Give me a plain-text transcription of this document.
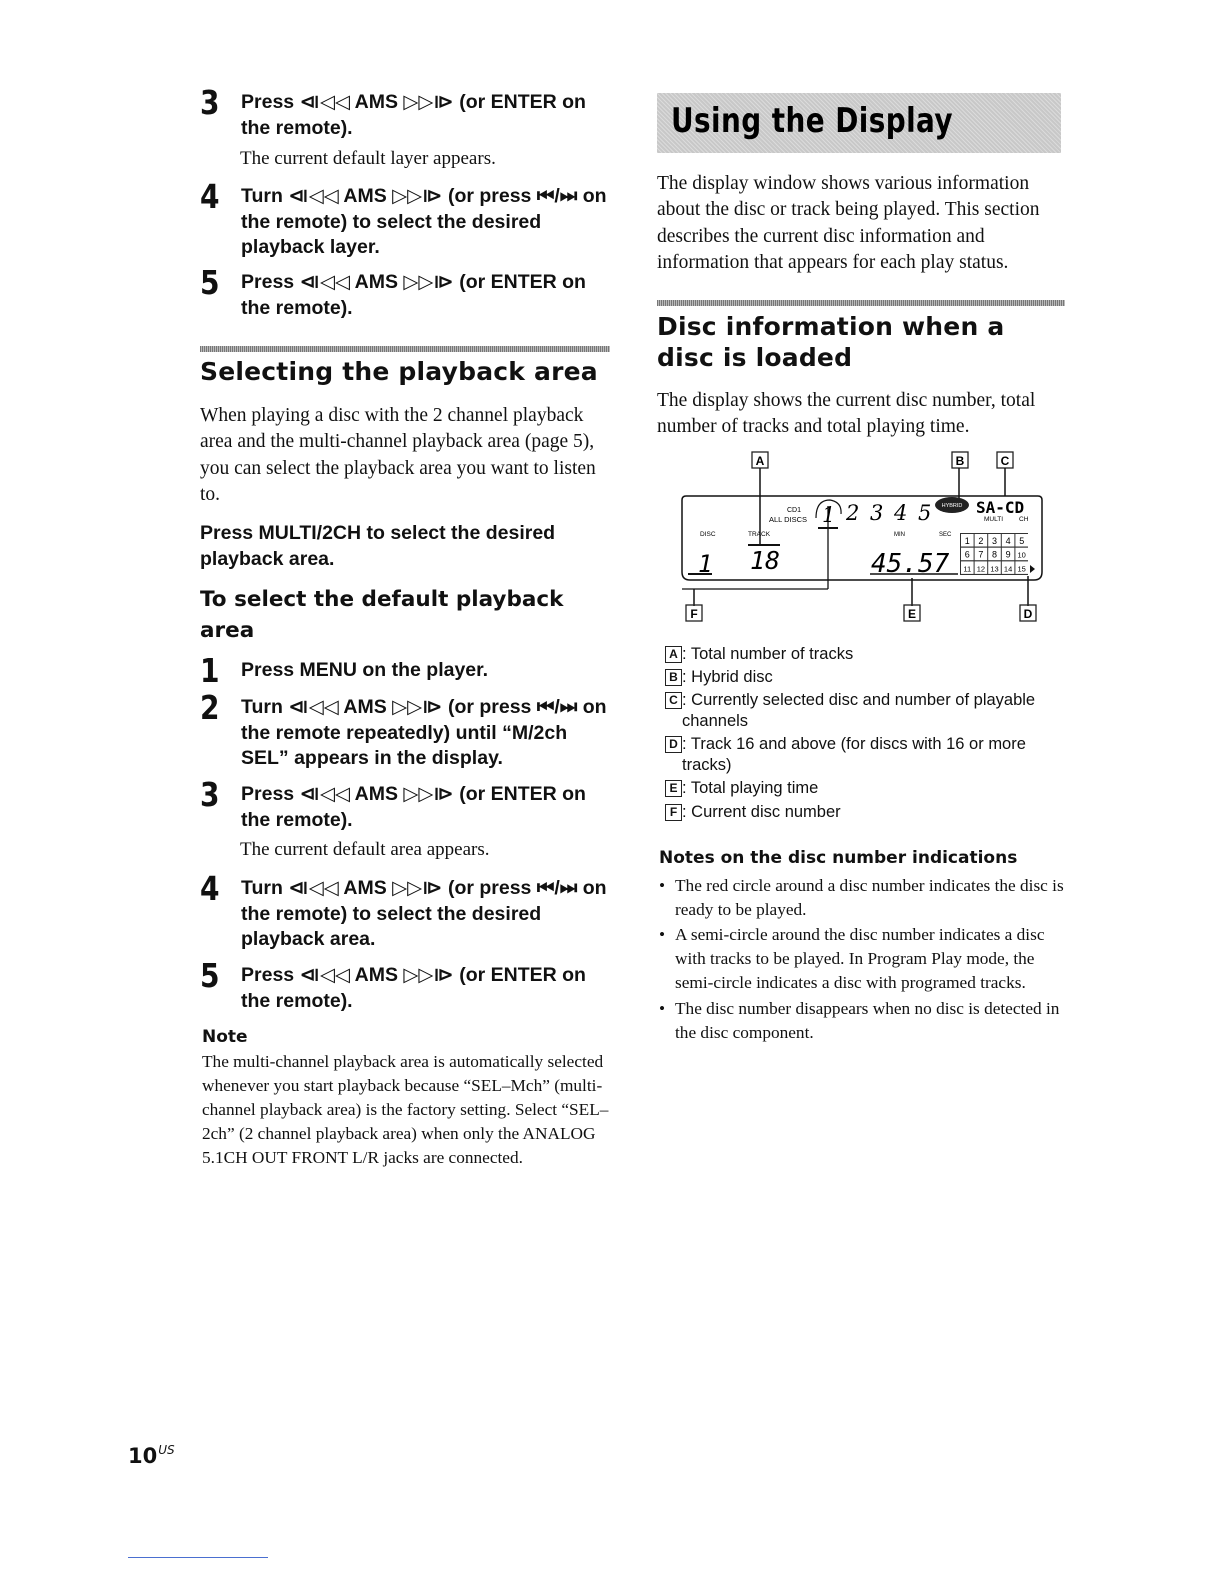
3 Press ⧏◁◁ AMS ▷▷⧐ (or ENTER on the remote).
The current default layer appears.
4 Turn ⧏◁◁ AMS ▷▷⧐ (or press ⏮/⏭ on the remote) to select the desired playback layer.
5 Press ⧏◁◁ AMS ▷▷⧐ (or ENTER on the remote).
Selecting the playback area
When playing a disc with the 2 channel playback area and the multi-channel playback area (page 5), you can select the playback area you want to listen to.
Press MULTI/2CH to select the desired playback area.
To select the default playback area
1 Press MENU on the player.
2 Turn ⧏◁◁ AMS ▷▷⧐ (or press ⏮/⏭ on the remote repeatedly) until “M/2ch SEL” appears in the display.
3 Press ⧏◁◁ AMS ▷▷⧐ (or ENTER on the remote).
The current default area appears.
4 Turn ⧏◁◁ AMS ▷▷⧐ (or press ⏮/⏭ on the remote) to select the desired playback area.
5 Press ⧏◁◁ AMS ▷▷⧐ (or ENTER on the remote).
Note
The multi-channel playback area is automatically selected whenever you start playback because “SEL–Mch” (multi-channel playback area) is the factory setting. Select “SEL– 2ch” (2 channel playback area) when only the ANALOG 5.1CH OUT FRONT L/R jacks are connected.
Using the Display
The display window shows various information about the disc or track being played. This section describes the current disc information and information that appears for each play status.
Disc information when a disc is loaded
The display shows the current disc number, total number of tracks and total playing time.
A	B	C
CD1
ALL DISCS
DISC	TRACK	MIN	SEC
MULTI CH
1 2 3 4 5 HYBRID SA-CD
1 18	45.57
1 2 3 4 5
6 7 8 9 10
11 12 13 14 15
F	E	D
A : Total number of tracks
B : Hybrid disc
C : Currently selected disc and number of playable channels
D : Track 16 and above (for discs with 16 or more tracks)
E : Total playing time
F : Current disc number
Notes on the disc number indications
• The red circle around a disc number indicates the disc is ready to be played.
• A semi-circle around the disc number indicates a disc with tracks to be played. In Program Play mode, the semi-circle indicates a disc with programed tracks.
• The disc number disappears when no disc is detected in the disc component.
$10^{US}$
